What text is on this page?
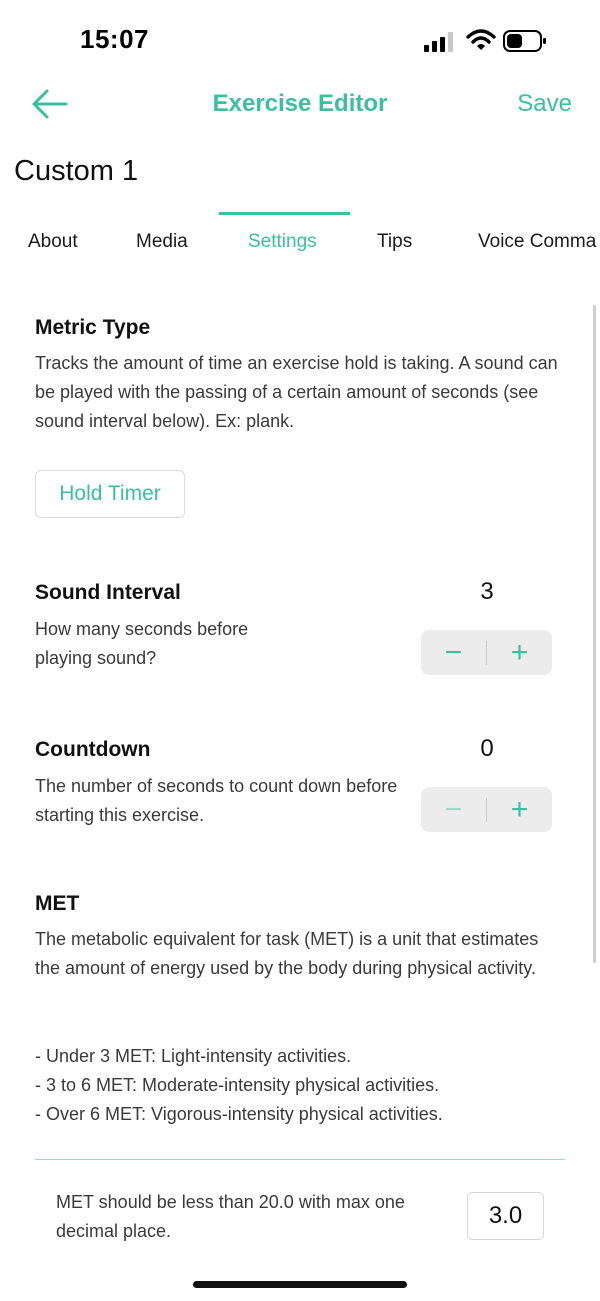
15:07
Exercise Editor	Save
Custom 1
About	Media	Settings	Tips	Voice Comma
Metric Type
Tracks the amount of time an exercise hold is taking. A sound can be played with the passing of a certain amount of seconds (see sound interval below). Ex: plank.
Hold Timer
Sound Interval
How many seconds before playing sound?
3
− +
Countdown
The number of seconds to count down before starting this exercise.
0
− +
MET
The metabolic equivalent for task (MET) is a unit that estimates the amount of energy used by the body during physical activity.
- Under 3 MET: Light-intensity activities.
- 3 to 6 MET: Moderate-intensity physical activities.
- Over 6 MET: Vigorous-intensity physical activities.
MET should be less than 20.0 with max one decimal place.
3.0
